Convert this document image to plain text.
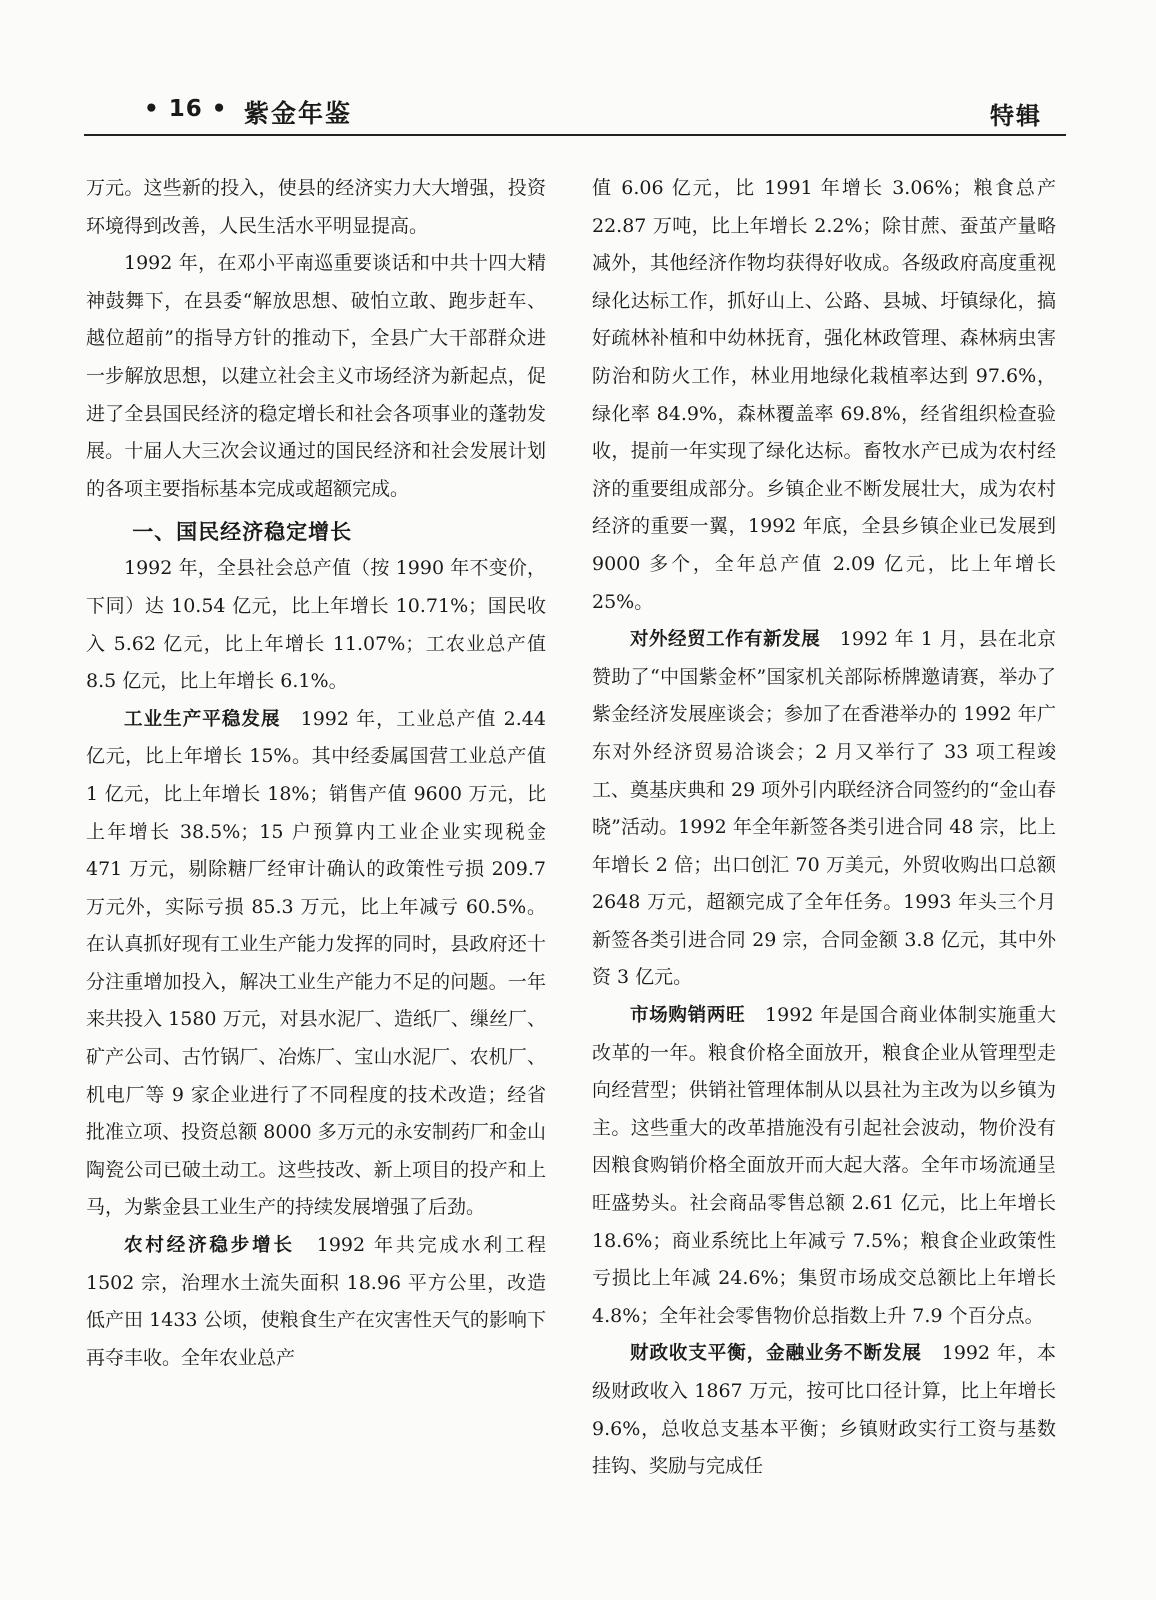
• 16 • 紫金年鉴	特辑

万元。这些新的投入，使县的经济实力大大增强，投资环境得到改善，人民生活水平明显提高。

1992 年，在邓小平南巡重要谈话和中共十四大精神鼓舞下，在县委“解放思想、破怕立敢、跑步赶车、越位超前”的指导方针的推动下，全县广大干部群众进一步解放思想，以建立社会主义市场经济为新起点，促进了全县国民经济的稳定增长和社会各项事业的蓬勃发展。十届人大三次会议通过的国民经济和社会发展计划的各项主要指标基本完成或超额完成。

一、国民经济稳定增长

1992 年，全县社会总产值（按 1990 年不变价，下同）达 10.54 亿元，比上年增长 10.71%；国民收入 5.62 亿元，比上年增长 11.07%；工农业总产值 8.5 亿元，比上年增长 6.1%。

工业生产平稳发展　1992 年，工业总产值 2.44 亿元，比上年增长 15%。其中经委属国营工业总产值 1 亿元，比上年增长 18%；销售产值 9600 万元，比上年增长 38.5%；15 户预算内工业企业实现税金 471 万元，剔除糖厂经审计确认的政策性亏损 209.7 万元外，实际亏损 85.3 万元，比上年减亏 60.5%。在认真抓好现有工业生产能力发挥的同时，县政府还十分注重增加投入，解决工业生产能力不足的问题。一年来共投入 1580 万元，对县水泥厂、造纸厂、缫丝厂、矿产公司、古竹锅厂、冶炼厂、宝山水泥厂、农机厂、机电厂等 9 家企业进行了不同程度的技术改造；经省批准立项、投资总额 8000 多万元的永安制药厂和金山陶瓷公司已破土动工。这些技改、新上项目的投产和上马，为紫金县工业生产的持续发展增强了后劲。

农村经济稳步增长　1992 年共完成水利工程 1502 宗，治理水土流失面积 18.96 平方公里，改造低产田 1433 公顷，使粮食生产在灾害性天气的影响下再夺丰收。全年农业总产

值 6.06 亿元，比 1991 年增长 3.06%；粮食总产 22.87 万吨，比上年增长 2.2%；除甘蔗、蚕茧产量略减外，其他经济作物均获得好收成。各级政府高度重视绿化达标工作，抓好山上、公路、县城、圩镇绿化，搞好疏林补植和中幼林抚育，强化林政管理、森林病虫害防治和防火工作，林业用地绿化栽植率达到 97.6%，绿化率 84.9%，森林覆盖率 69.8%，经省组织检查验收，提前一年实现了绿化达标。畜牧水产已成为农村经济的重要组成部分。乡镇企业不断发展壮大，成为农村经济的重要一翼，1992 年底，全县乡镇企业已发展到 9000 多个，全年总产值 2.09 亿元，比上年增长 25%。

对外经贸工作有新发展　1992 年 1 月，县在北京赞助了“中国紫金杯”国家机关部际桥牌邀请赛，举办了紫金经济发展座谈会；参加了在香港举办的 1992 年广东对外经济贸易洽谈会；2 月又举行了 33 项工程竣工、奠基庆典和 29 项外引内联经济合同签约的“金山春晓”活动。1992 年全年新签各类引进合同 48 宗，比上年增长 2 倍；出口创汇 70 万美元，外贸收购出口总额 2648 万元，超额完成了全年任务。1993 年头三个月新签各类引进合同 29 宗，合同金额 3.8 亿元，其中外资 3 亿元。

市场购销两旺　1992 年是国合商业体制实施重大改革的一年。粮食价格全面放开，粮食企业从管理型走向经营型；供销社管理体制从以县社为主改为以乡镇为主。这些重大的改革措施没有引起社会波动，物价没有因粮食购销价格全面放开而大起大落。全年市场流通呈旺盛势头。社会商品零售总额 2.61 亿元，比上年增长 18.6%；商业系统比上年减亏 7.5%；粮食企业政策性亏损比上年减 24.6%；集贸市场成交总额比上年增长 4.8%；全年社会零售物价总指数上升 7.9 个百分点。

财政收支平衡，金融业务不断发展　1992 年，本级财政收入 1867 万元，按可比口径计算，比上年增长 9.6%，总收总支基本平衡；乡镇财政实行工资与基数挂钩、奖励与完成任
